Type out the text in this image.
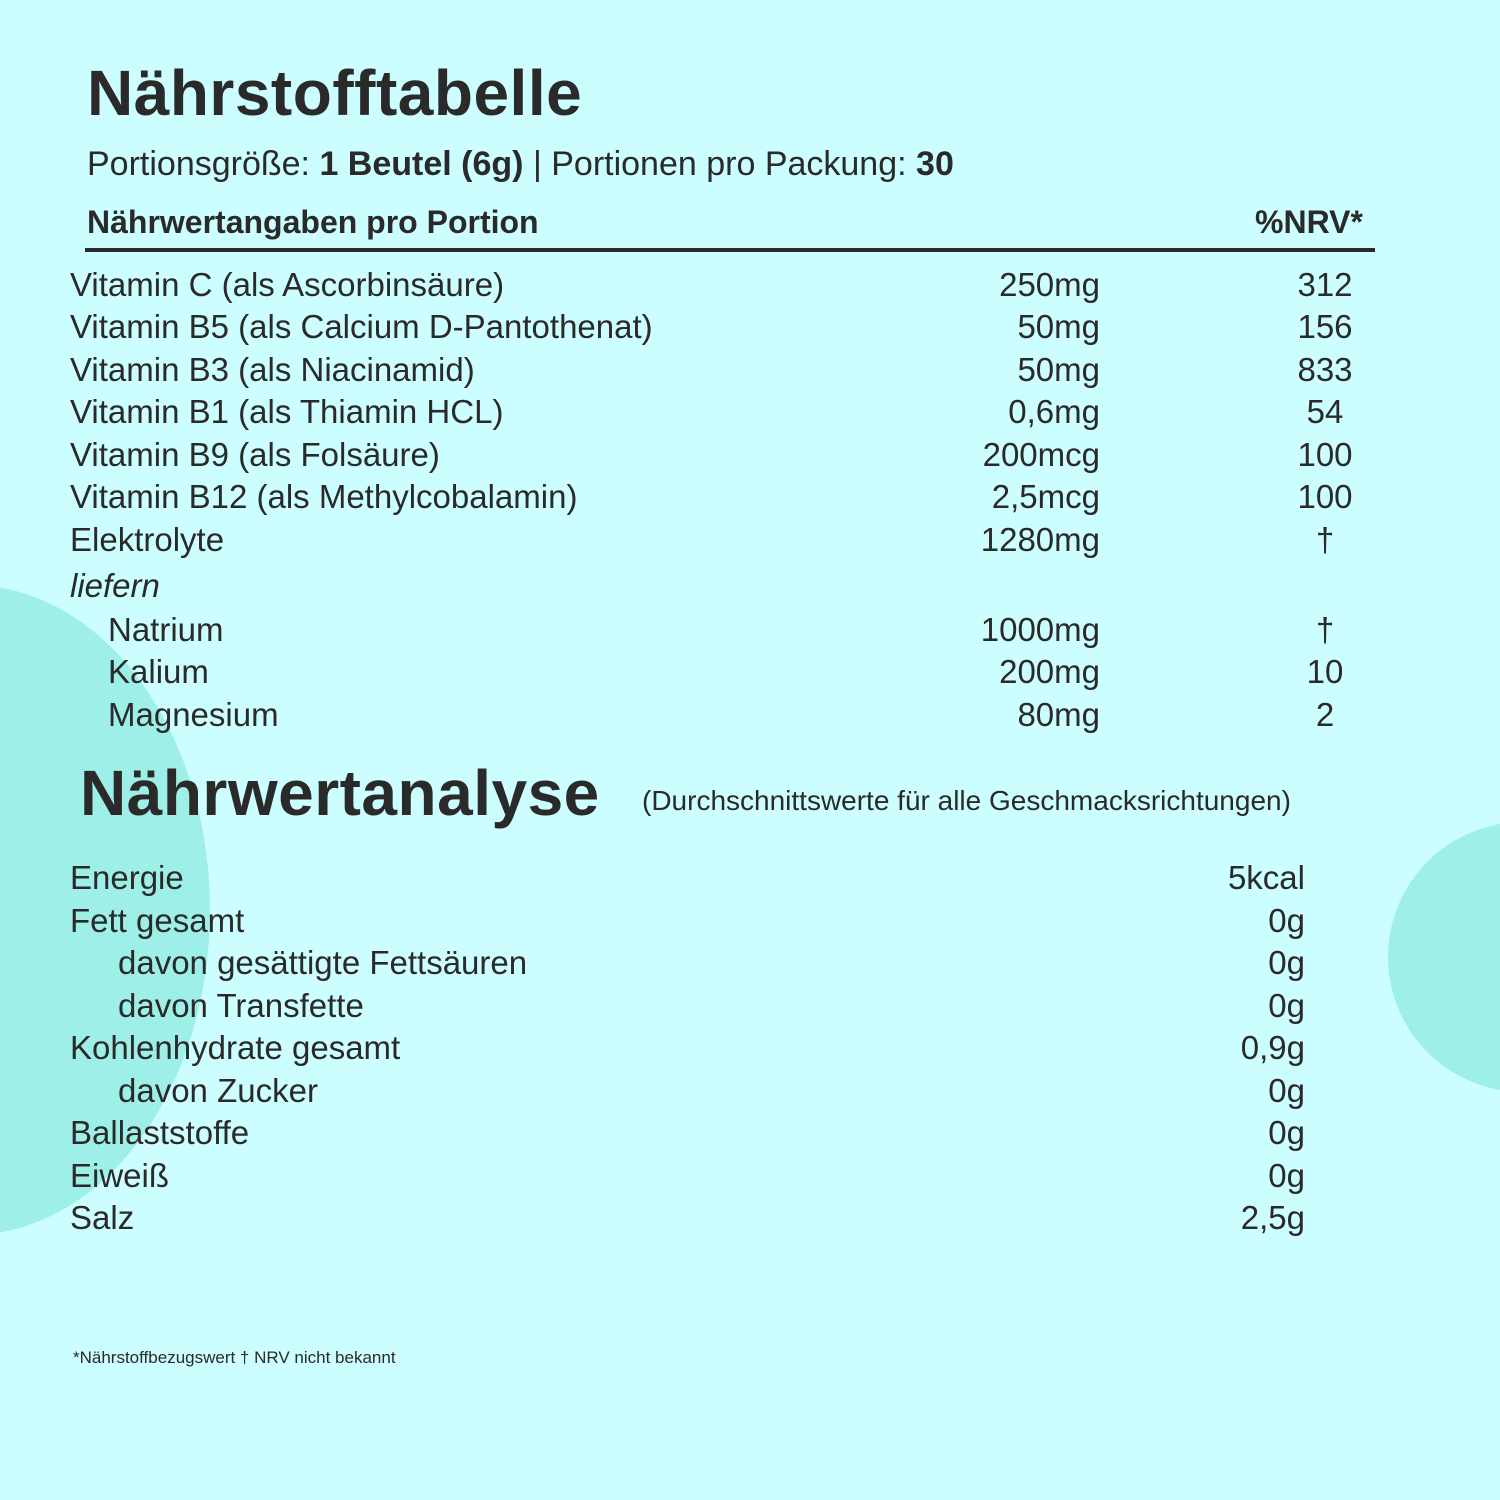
Nährstofftabelle
Portionsgröße: 1 Beutel (6g) | Portionen pro Packung: 30
Nährwertangaben pro Portion	%NRV*
Vitamin C (als Ascorbinsäure)	250mg	312
Vitamin B5 (als Calcium D-Pantothenat)	50mg	156
Vitamin B3 (als Niacinamid)	50mg	833
Vitamin B1 (als Thiamin HCL)	0,6mg	54
Vitamin B9 (als Folsäure)	200mcg	100
Vitamin B12 (als Methylcobalamin)	2,5mcg	100
Elektrolyte	1280mg	†
liefern
Natrium	1000mg	†
Kalium	200mg	10
Magnesium	80mg	2
Nährwertanalyse (Durchschnittswerte für alle Geschmacksrichtungen)
Energie	5kcal
Fett gesamt	0g
davon gesättigte Fettsäuren	0g
davon Transfette	0g
Kohlenhydrate gesamt	0,9g
davon Zucker	0g
Ballaststoffe	0g
Eiweiß	0g
Salz	2,5g
*Nährstoffbezugswert † NRV nicht bekannt
